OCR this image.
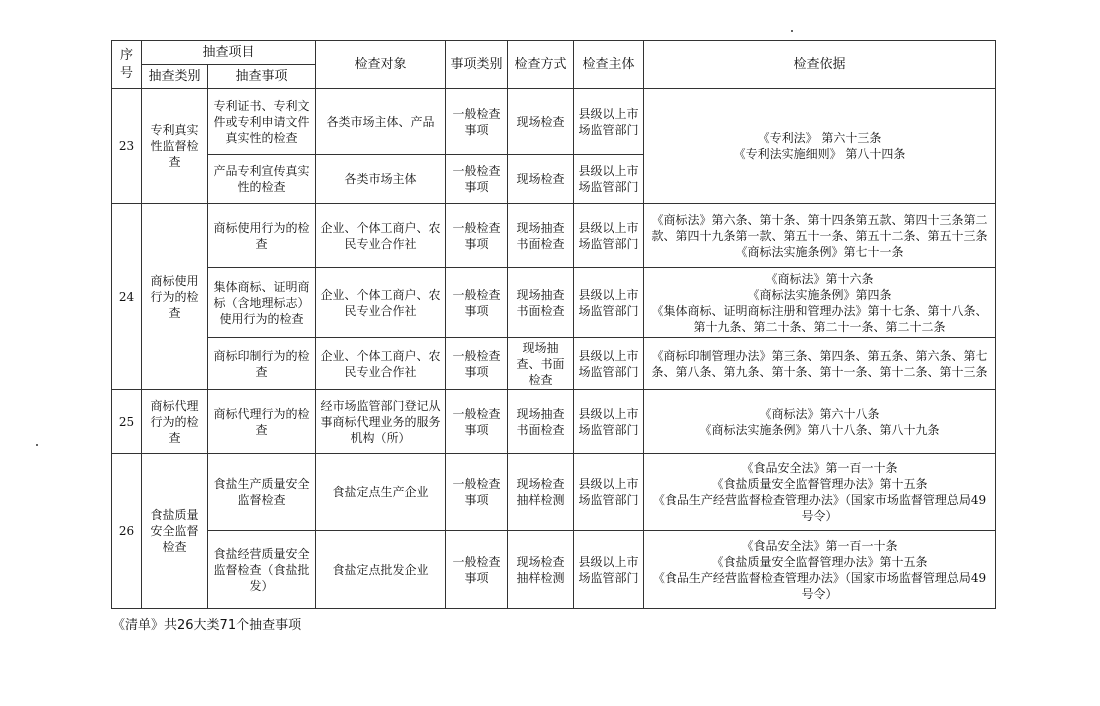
序号	抽查项目		检查对象	事项类别	检查方式	检查主体	检查依据
	抽查类别	抽查事项					
23	专利真实性监督检查	专利证书、专利文件或专利申请文件真实性的检查	各类市场主体、产品	一般检查事项	现场检查	县级以上市场监管部门	《专利法》 第六十三条
《专利法实施细则》 第八十四条

		产品专利宣传真实性的检查	各类市场主体	一般检查事项	现场检查	县级以上市场监管部门	
24	商标使用行为的检查	商标使用行为的检查	企业、个体工商户、农民专业合作社	一般检查事项	现场抽查书面检查	县级以上市场监管部门	《商标法》第六条、第十条、第十四条第五款、第四十三条第二款、第四十九条第一款、第五十一条、第五十二条、第五十三条
《商标法实施条例》第七十一条

		集体商标、证明商标（含地理标志）使用行为的检查	企业、个体工商户、农民专业合作社	一般检查事项	现场抽查书面检查	县级以上市场监管部门	《商标法》第十六条
《商标法实施条例》第四条
《集体商标、证明商标注册和管理办法》第十七条、第十八条、第十九条、第二十条、第二十一条、第二十二条

		商标印制行为的检查	企业、个体工商户、农民专业合作社	一般检查事项	现场抽查、书面检查	县级以上市场监管部门	《商标印制管理办法》第三条、第四条、第五条、第六条、第七条、第八条、第九条、第十条、第十一条、第十二条、第十三条

25	商标代理行为的检查	商标代理行为的检查	经市场监管部门登记从事商标代理业务的服务机构（所）	一般检查事项	现场抽查书面检查	县级以上市场监管部门	《商标法》第六十八条
《商标法实施条例》第八十八条、第八十九条

26	食盐质量安全监督检查	食盐生产质量安全监督检查	食盐定点生产企业	一般检查事项	现场检查抽样检测	县级以上市场监管部门	《食品安全法》第一百一十条
《食盐质量安全监督管理办法》第十五条
《食品生产经营监督检查管理办法》（国家市场监督管理总局49号令）

		食盐经营质量安全监督检查（食盐批发）	食盐定点批发企业	一般检查事项	现场检查抽样检测	县级以上市场监管部门	《食品安全法》第一百一十条
《食盐质量安全监督管理办法》第十五条
《食品生产经营监督检查管理办法》（国家市场监督管理总局49号令）
《清单》共26大类71个抽查事项
